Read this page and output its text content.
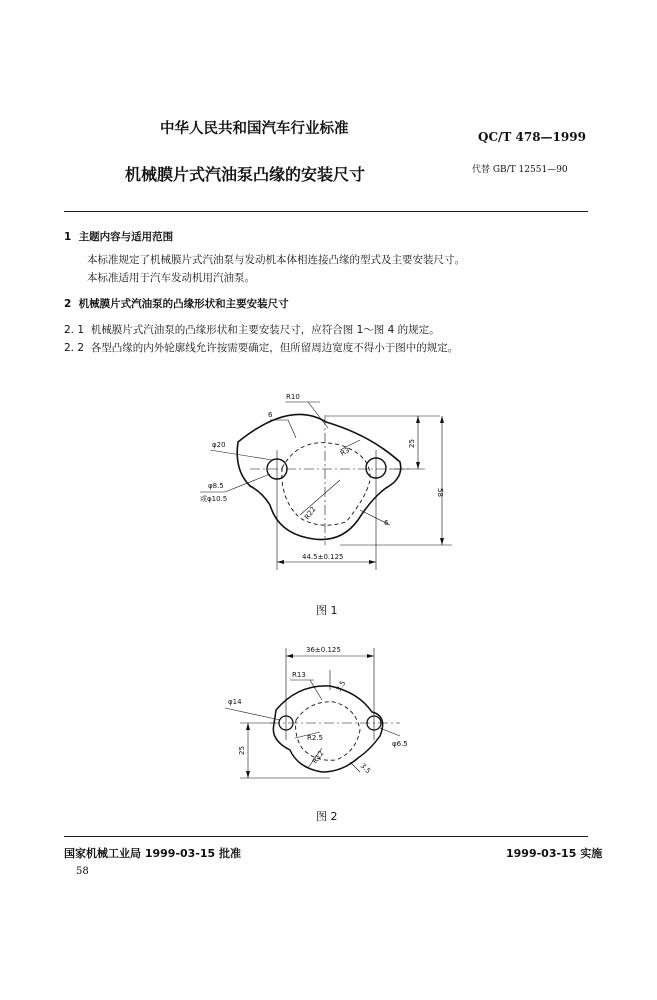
中华人民共和国汽车行业标准	QC/T 478—1999
机械膜片式汽油泵凸缘的安装尺寸	代替 GB/T 12551—90
1 主题内容与适用范围
本标准规定了机械膜片式汽油泵与发动机本体相连接凸缘的型式及主要安装尺寸。
本标准适用于汽车发动机用汽油泵。
2 机械膜片式汽油泵的凸缘形状和主要安装尺寸
2. 1 机械膜片式汽油泵的凸缘形状和主要安装尺寸，应符合图 1～图 4 的规定。
2. 2 各型凸缘的内外轮廓线允许按需要确定，但所留周边宽度不得小于图中的规定。
R10
6
φ20
R3
25
φ8.5
或φ10.5
R22
6
58
44.5±0.125
图 1
36±0.125
R13
3.5
φ14
R2.5
R12
φ6.5
25
3.5
图 2
国家机械工业局 1999-03-15 批准	1999-03-15 实施
58
